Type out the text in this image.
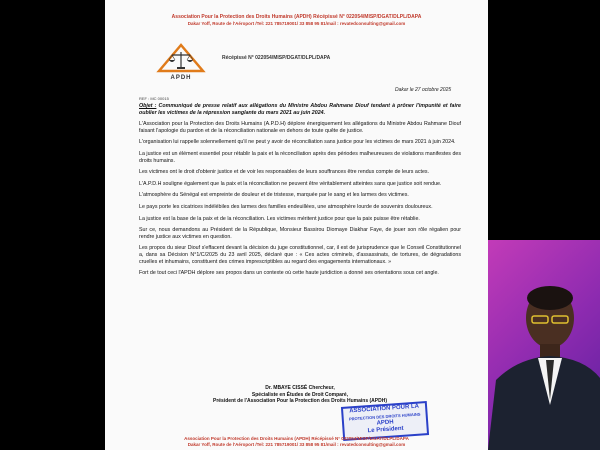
Association Pour la Protection des Droits Humains (APDH) Récépissé N° 022054/MISP/DGAT/DLPL/DAPA
Dakar Yoff, Route de l'Aéroport /Tel: 221 785719001/ 33 858 95 81/mail : revatedconsulting@gmail.com
APDH
Récépissé N° 022054/MISP/DGAT/DLPL/DAPA
Dakar le 27 octobre 2025
REF : MC 00015

Objet : Communiqué de presse relatif aux allégations du Ministre Abdou Rahmane Diouf tendant à prôner l'impunité et faire oublier les victimes de la répression sanglante du mars 2021 au juin 2024.

L'Association pour la Protection des Droits Humains (A.P.D.H) déplore énergiquement les allégations du Ministre Abdou Rahmane Diouf faisant l'apologie du pardon et de la réconciliation nationale en dehors de toute quête de justice.

L'organisation lui rappelle solennellement qu'il ne peut y avoir de réconciliation sans justice pour les victimes de mars 2021 à juin 2024.

La justice est un élément essentiel pour rétablir la paix et la réconciliation après des périodes malheureuses de violations manifestes des droits humains.

Les victimes ont le droit d'obtenir justice et de voir les responsables de leurs souffrances être rendus compte de leurs actes.

L'A.P.D.H souligne également que la paix et la réconciliation ne peuvent être véritablement atteintes sans que justice soit rendue.

L'atmosphère du Sénégal est empreinte de douleur et de tristesse, marquée par le sang et les larmes des victimes.

Le pays porte les cicatrices indélébiles des larmes des familles endeuillées, une atmosphère lourde de souvenirs douloureux.

La justice est la base de la paix et de la réconciliation. Les victimes méritent justice pour que la paix puisse être rétablie.

Sur ce, nous demandons au Président de la République, Monsieur Bassirou Diomaye Diakhar Faye, de jouer son rôle régalien pour rendre justice aux victimes en question.

Les propos du sieur Diouf s'effacent devant la décision du juge constitutionnel, car, il est de jurisprudence que le Conseil Constitutionnel a, dans sa Décision N°1/C/2025 du 23 avril 2025, déclaré que : « Ces actes criminels, d'assassinats, de tortures, de dégradations cruelles et inhumains, constituent des crimes imprescriptibles au regard des engagements internationaux. »

Fort de tout ceci l'APDH déplore ses propos dans un contexte où cette haute juridiction a donné ses orientations sous cet angle.

Dr. MBAYE CISSÉ Chercheur,
Spécialiste en Études de Droit Comparé,
Président de l'Association Pour la Protection des Droits Humains (APDH)
ASSOCIATION POUR LA
PROTECTION DES DROITS HUMAINS
APDH
Le Président
Association Pour la Protection des Droits Humains (APDH) Récépissé N° 022054/MISP/DGAT/DLPL/DAPA
Dakar Yoff, Route de l'Aéroport /Tel: 221 785719001/ 33 858 95 81/mail : revatedconsulting@gmail.com
